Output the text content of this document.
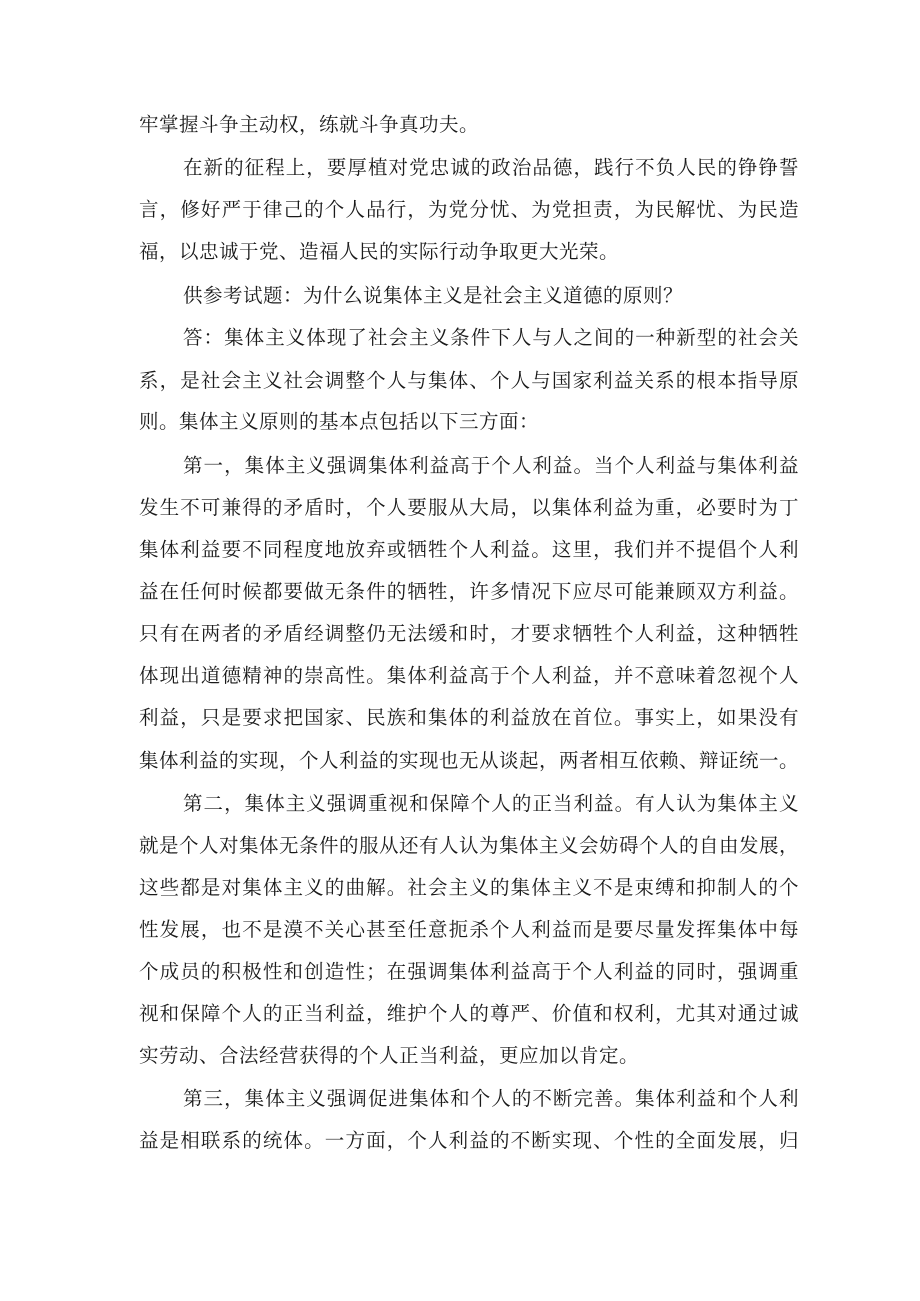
牢掌握斗争主动权，练就斗争真功夫。
在新的征程上，要厚植对党忠诚的政治品德，践行不负人民的铮铮誓
言，修好严于律己的个人品行，为党分忧、为党担责，为民解忧、为民造
福，以忠诚于党、造福人民的实际行动争取更大光荣。
供参考试题：为什么说集体主义是社会主义道德的原则？
答：集体主义体现了社会主义条件下人与人之间的一种新型的社会关
系，是社会主义社会调整个人与集体、个人与国家利益关系的根本指导原
则。集体主义原则的基本点包括以下三方面：
第一，集体主义强调集体利益高于个人利益。当个人利益与集体利益
发生不可兼得的矛盾时，个人要服从大局，以集体利益为重，必要时为丁
集体利益要不同程度地放弃或牺牲个人利益。这里，我们并不提倡个人利
益在任何时候都要做无条件的牺牲，许多情况下应尽可能兼顾双方利益。
只有在两者的矛盾经调整仍无法缓和时，才要求牺牲个人利益，这种牺牲
体现出道德精神的崇高性。集体利益高于个人利益，并不意味着忽视个人
利益，只是要求把国家、民族和集体的利益放在首位。事实上，如果没有
集体利益的实现，个人利益的实现也无从谈起，两者相互依赖、辩证统一。
第二，集体主义强调重视和保障个人的正当利益。有人认为集体主义
就是个人对集体无条件的服从还有人认为集体主义会妨碍个人的自由发展，
这些都是对集体主义的曲解。社会主义的集体主义不是束缚和抑制人的个
性发展，也不是漠不关心甚至任意扼杀个人利益而是要尽量发挥集体中每
个成员的积极性和创造性；在强调集体利益高于个人利益的同时，强调重
视和保障个人的正当利益，维护个人的尊严、价值和权利，尤其对通过诚
实劳动、合法经营获得的个人正当利益，更应加以肯定。
第三，集体主义强调促进集体和个人的不断完善。集体利益和个人利
益是相联系的统体。一方面，个人利益的不断实现、个性的全面发展，归
